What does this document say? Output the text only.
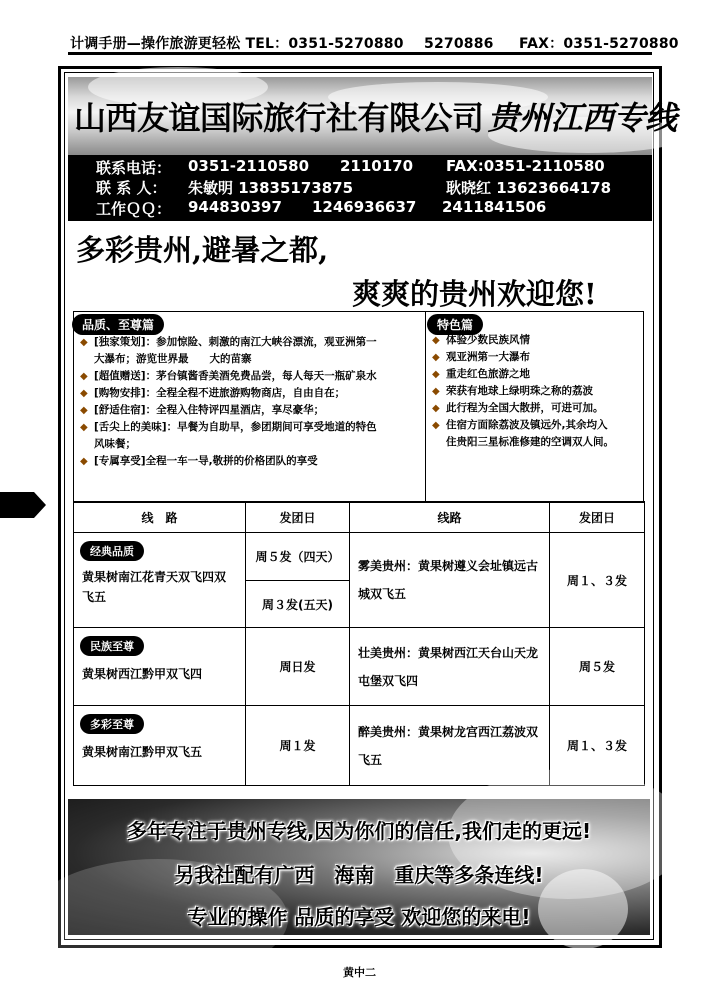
计调手册—操作旅游更轻松 TEL：0351-5270880 5270886 FAX：0351-5270880
山西友谊国际旅行社有限公司 贵州江西专线
联系电话： 0351-2110580 2110170 FAX:0351-2110580
联 系 人： 朱敏明 13835173875	耿晓红 13623664178
工作ＱＱ： 944830397 1246936637 2411841506
多彩贵州,避暑之都,
爽爽的贵州欢迎您!
品质、至尊篇	特色篇
◆ [独家策划]：参加惊险、刺激的南江大峡谷漂流，观亚洲第一
大瀑布；游览世界最　　大的苗寨
◆ [超值赠送]：茅台镇酱香美酒免费品尝，每人每天一瓶矿泉水
◆ [购物安排]：全程全程不进旅游购物商店，自由自在；
◆ [舒适住宿]：全程入住特评四星酒店，享尽豪华；
◆ [舌尖上的美味]：早餐为自助早，参团期间可享受地道的特色
风味餐；
◆ [专属享受]全程一车一导,敬拼的价格团队的享受
◆ 体验少数民族风情
◆ 观亚洲第一大瀑布
◆ 重走红色旅游之地
◆ 荣获有地球上绿明珠之称的荔波
◆ 此行程为全国大散拼，可进可加。
◆ 住宿方面除荔波及镇远外,其余均入
住贵阳三星标准修建的空调双人间。
线　路	发团日	线路	发团日
经典品质
黄果树南江花青天双飞四双飞五	周５发（四天）	雾美贵州：黄果树遵义会址镇远古城双飞五	周１、３发
	周３发(五天)		
民族至尊
黄果树西江黔甲双飞四	周日发	壮美贵州：黄果树西江天台山天龙屯堡双飞四	周５发
多彩至尊
黄果树南江黔甲双飞五	周１发	醉美贵州：黄果树龙宫西江荔波双飞五	周１、３发
多年专注于贵州专线,因为你们的信任,我们走的更远!
另我社配有广西　海南　重庆等多条连线!
专业的操作 品质的享受 欢迎您的来电!
黄中二
